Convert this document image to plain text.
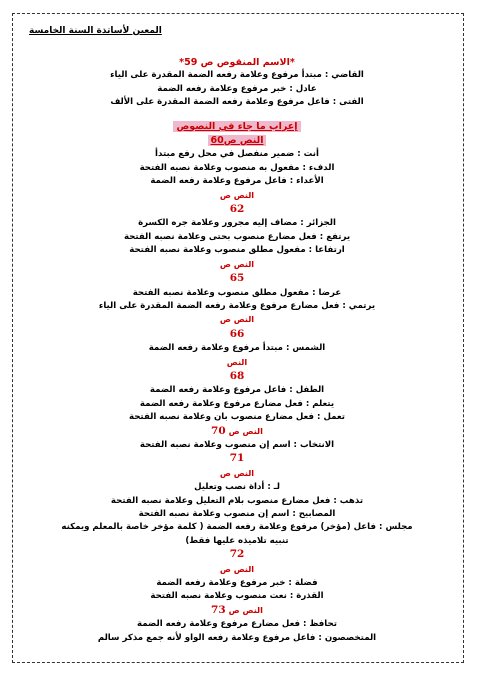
المعين لأساتذة السنة الخامسة
*الاسم المنقوص ص 59*
القاضي : مبتدأ مرفوع وعلامة رفعه الضمة المقدرة على الياء
عادل : خبر مرفوع وعلامة رفعه الضمة
الفتى : فاعل مرفوع وعلامة رفعه الضمة المقدرة على الألف
إعراب ما جاء في النصوص
النص ص60
أنت : ضمير منفصل في محل رفع مبتدأ
الدفء : مفعول به منصوب وعلامة نصبه الفتحة
الأعداء : فاعل مرفوع وعلامة رفعه الضمة
النص ص
62
الجزائر : مضاف إليه مجرور وعلامة جره الكسرة
يرتفع : فعل مضارع منصوب بحتى وعلامة نصبه الفتحة
ارتفاعا : مفعول مطلق منصوب وعلامة نصبه الفتحة
النص ص
65
عرضا : مفعول مطلق منصوب وعلامة نصبه الفتحة
يرتمي : فعل مضارع مرفوع وعلامة رفعه الضمة المقدرة على الياء
النص ص
66
الشمس : مبتدأ مرفوع وعلامة رفعه الضمة
النص
68
الطفل : فاعل مرفوع وعلامة رفعه الضمة
يتعلم : فعل مضارع مرفوع وعلامة رفعه الضمة
تعمل : فعل مضارع منصوب بان وعلامة نصبه الفتحة
النص ص 70
الانتخاب : اسم إن منصوب وعلامة نصبه الفتحة
71
النص ص
لـ : أداة نصب وتعليل
تذهب : فعل مضارع منصوب بلام التعليل وعلامة نصبه الفتحة
المصابيح : اسم إن منصوب وعلامة نصبه الفتحة
مجلس : فاعل (مؤخر) مرفوع وعلامة رفعه الضمة ( كلمة مؤخر خاصة بالمعلم ويمكنه
تنبيه تلاميذه عليها فقط)
72
النص ص
فضلة : خبر مرفوع وعلامة رفعه الضمة
القذرة : نعت منصوب وعلامة نصبه الفتحة
النص ص 73
تحافظ : فعل مضارع مرفوع وعلامة رفعه الضمة
المتخصصون : فاعل مرفوع وعلامة رفعه الواو لأنه جمع مذكر سالم
